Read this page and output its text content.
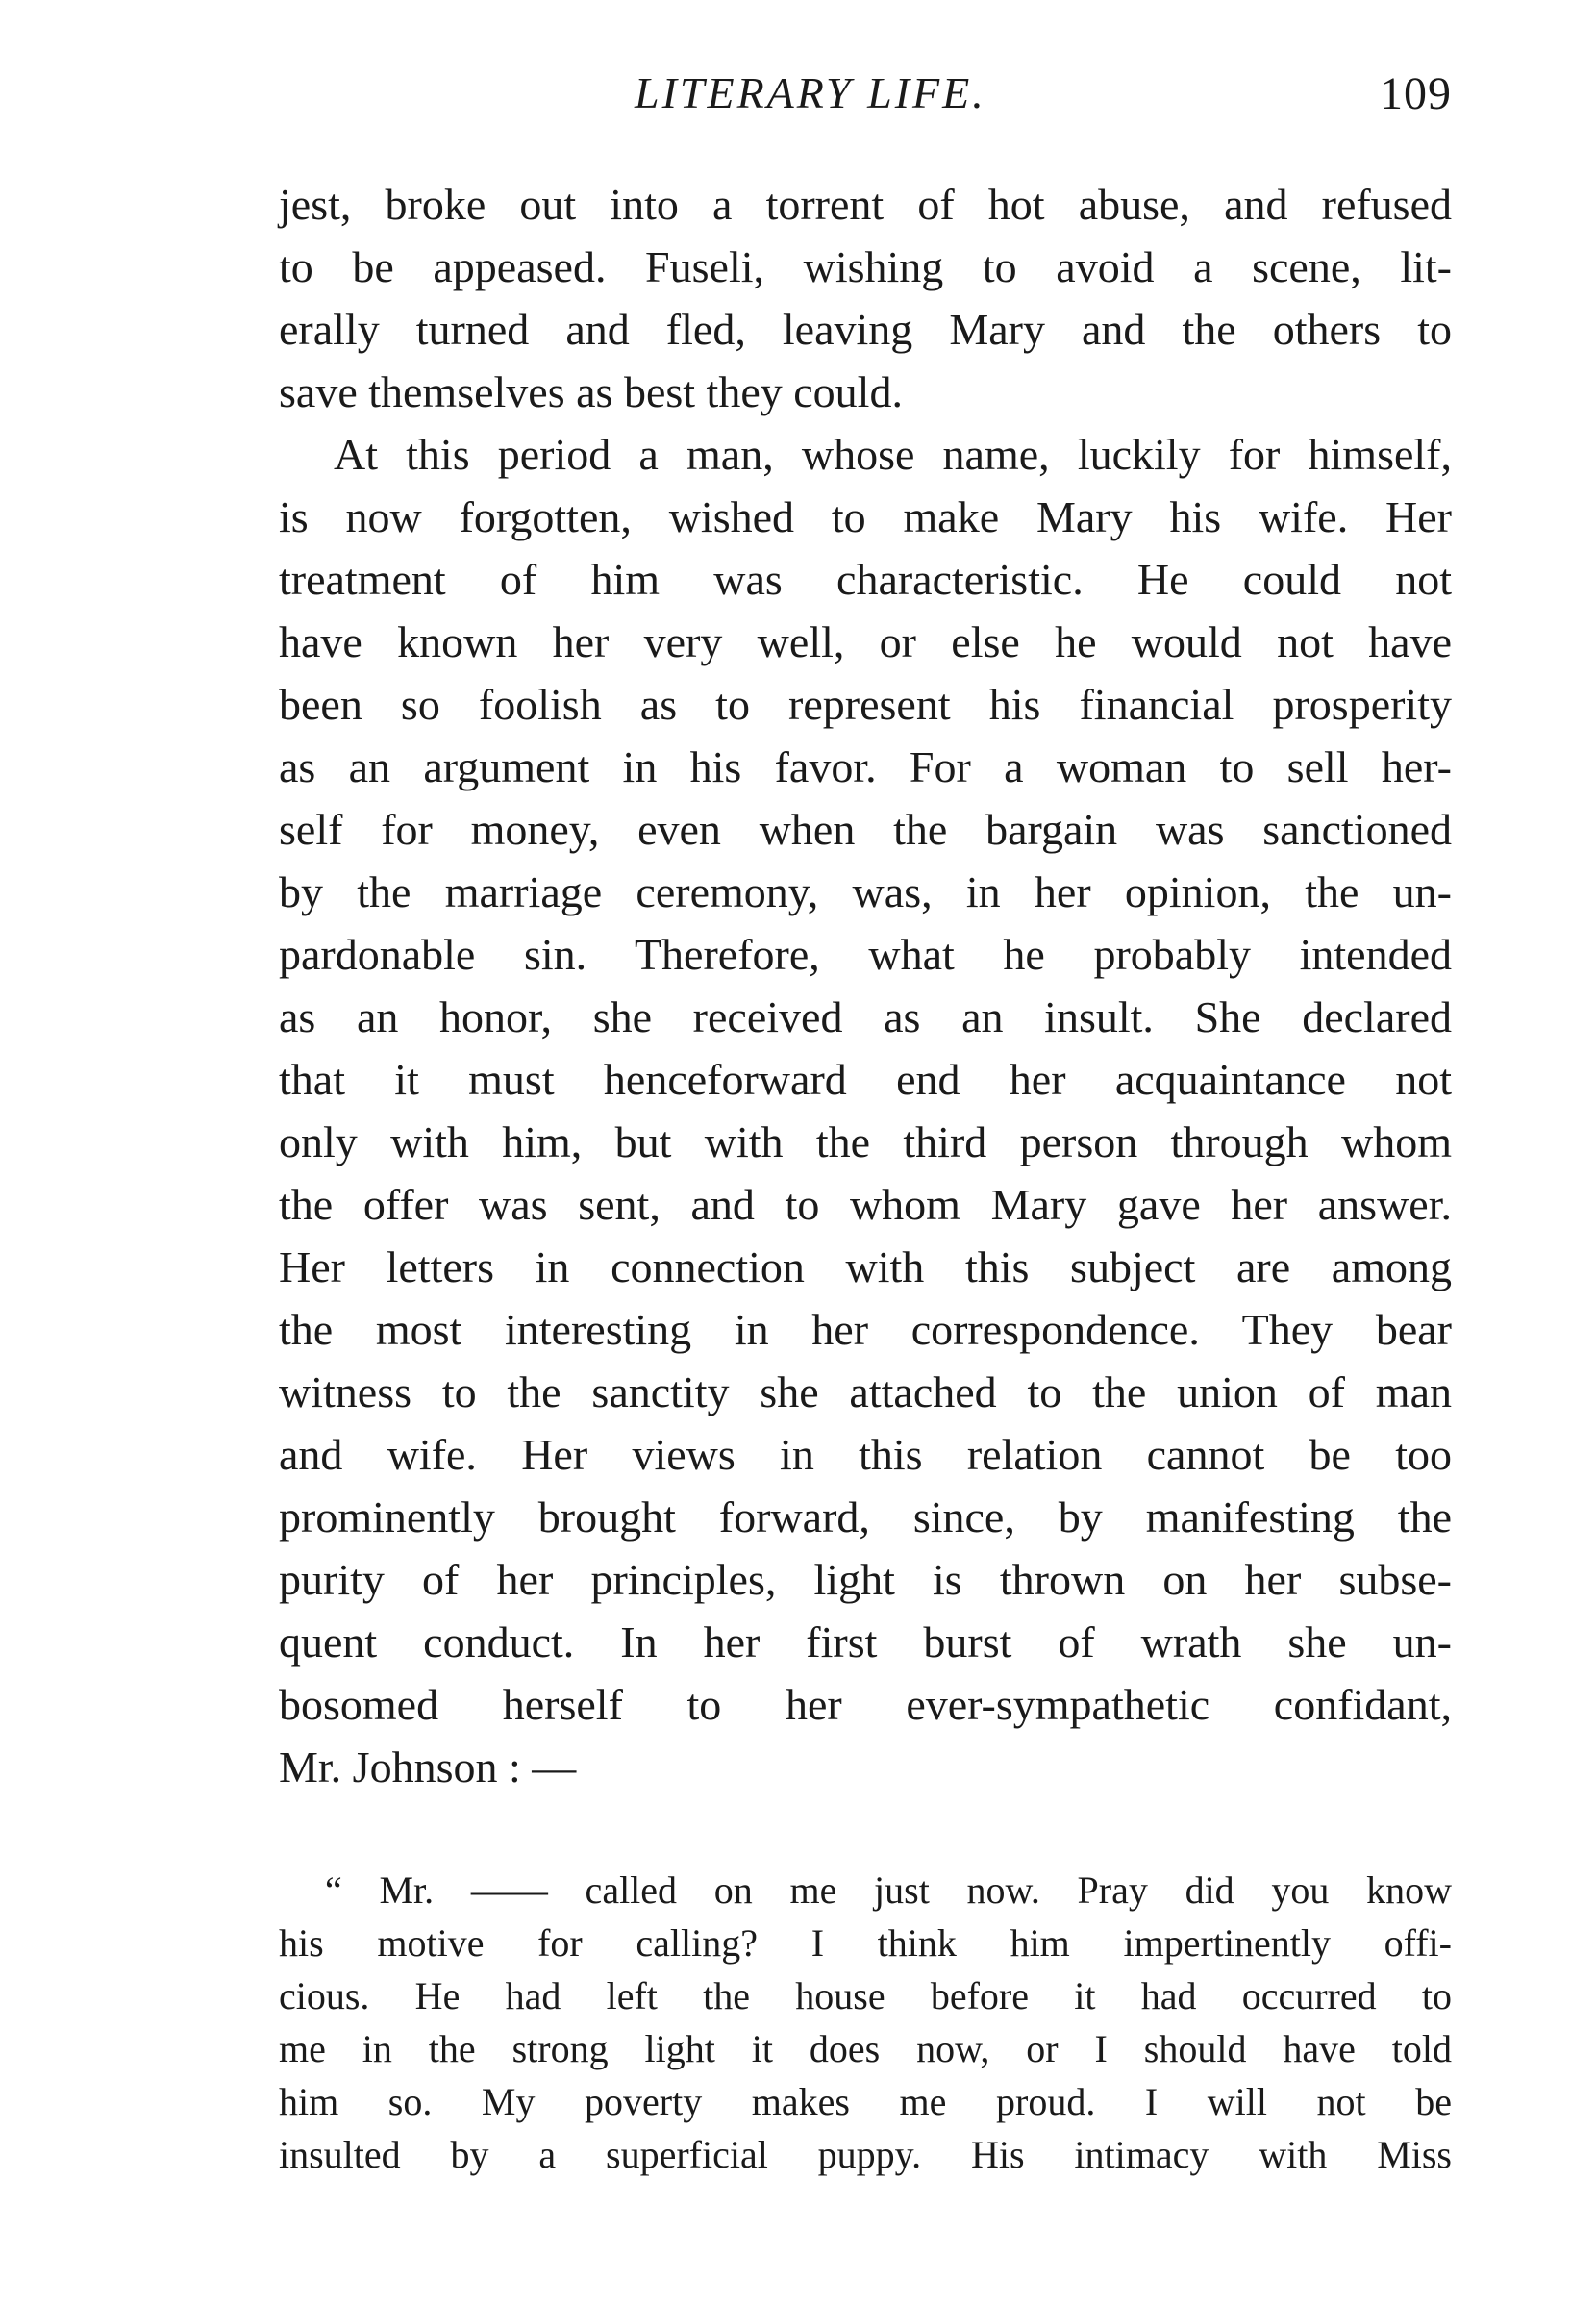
LITERARY LIFE.	109
jest, broke out into a torrent of hot abuse, and refused
to be appeased. Fuseli, wishing to avoid a scene, lit-
erally turned and fled, leaving Mary and the others to
save themselves as best they could.
At this period a man, whose name, luckily for himself,
is now forgotten, wished to make Mary his wife. Her
treatment of him was characteristic. He could not
have known her very well, or else he would not have
been so foolish as to represent his financial prosperity
as an argument in his favor. For a woman to sell her-
self for money, even when the bargain was sanctioned
by the marriage ceremony, was, in her opinion, the un-
pardonable sin. Therefore, what he probably intended
as an honor, she received as an insult. She declared
that it must henceforward end her acquaintance not
only with him, but with the third person through whom
the offer was sent, and to whom Mary gave her answer.
Her letters in connection with this subject are among
the most interesting in her correspondence. They bear
witness to the sanctity she attached to the union of man
and wife. Her views in this relation cannot be too
prominently brought forward, since, by manifesting the
purity of her principles, light is thrown on her subse-
quent conduct. In her first burst of wrath she un-
bosomed herself to her ever-sympathetic confidant,
Mr. Johnson : —
“ Mr. —— called on me just now. Pray did you know
his motive for calling? I think him impertinently offi-
cious. He had left the house before it had occurred to
me in the strong light it does now, or I should have told
him so. My poverty makes me proud. I will not be
insulted by a superficial puppy. His intimacy with Miss
